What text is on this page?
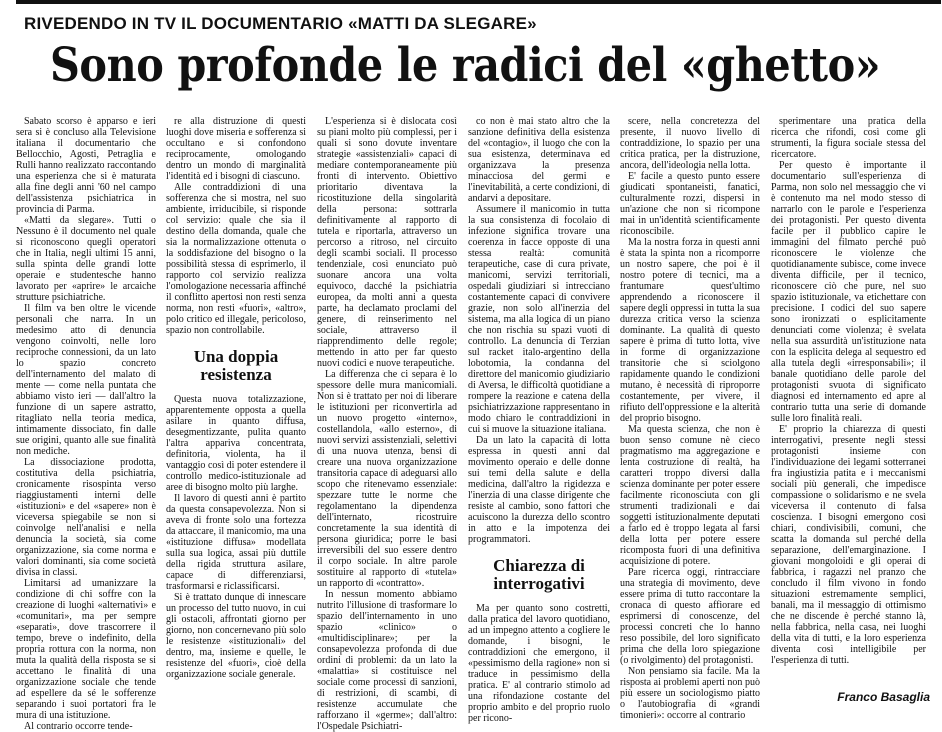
RIVEDENDO IN TV IL DOCUMENTARIO «MATTI DA SLEGARE»
Sono profonde le radici del «ghetto»

Sabato scorso è apparso e ieri sera si è concluso alla Televisione italiana il documentario che Bellocchio, Agosti, Petraglia e Rulli hanno realizzato raccontando una esperienza che si è maturata alla fine degli anni '60 nel campo dell'assistenza psichiatrica in provincia di Parma.

«Matti da slegare». Tutti o Nessuno è il documento nel quale si riconoscono quegli operatori che in Italia, negli ultimi 15 anni, sulla spinta delle grandi lotte operaie e studentesche hanno lavorato per «aprire» le arcaiche strutture psichiatriche.

Il film va ben oltre le vicende personali che narra. In un medesimo atto di denuncia vengono coinvolti, nelle loro reciproche connessioni, da un lato lo spazio concreto dell'internamento del malato di mente — come nella puntata che abbiamo visto ieri — dall'altro la funzione di un sapere astratto, ritagliato nella teoria medica, intimamente dissociato, fin dalle sue origini, quanto alle sue finalità non mediche.

La dissociazione prodotta, costitutiva della psichiatria, cronicamente risospinta verso riaggiustamenti interni delle «istituzioni» e del «sapere» non è viceversa spiegabile se non si coinvolge nell'analisi e nella denuncia la società, sia come organizzazione, sia come norma e valori dominanti, sia come società divisa in classi.

Limitarsi ad umanizzare la condizione di chi soffre con la creazione di luoghi «alternativi» e «comunitari», ma per sempre «separati», dove trascorrere il tempo, breve o indefinito, della propria rottura con la norma, non muta la qualità della risposta se si accettano le finalità di una organizzazione sociale che tende ad espellere da sé le sofferenze separando i suoi portatori fra le mura di una istituzione.

Al contrario occorre tende-

re alla distruzione di questi luoghi dove miseria e sofferenza si occultano e si confondono reciprocamente, omologando dentro un mondo di marginalità l'identità ed i bisogni di ciascuno.

Alle contraddizioni di una sofferenza che si mostra, nel suo ambiente, irriducibile, si risponde col servizio: quale che sia il destino della domanda, quale che sia la normalizzazione ottenuta o la soddisfazione del bisogno o la possibilità stessa di esprimerlo, il rapporto col servizio realizza l'omologazione necessaria affinché il conflitto apertosi non resti senza norma, non resti «fuori», «altro», polo critico ed illegale, pericoloso, spazio non controllabile.

Una doppia resistenza

Questa nuova totalizzazione, apparentemente opposta a quella asilare in quanto diffusa, desegmentizzante, pulita quanto l'altra appariva concentrata, definitoria, violenta, ha il vantaggio così di poter estendere il controllo medico-istituzionale ad aree di bisogno molto più larghe.

Il lavoro di questi anni è partito da questa consapevolezza. Non si aveva di fronte solo una fortezza da attaccare, il manicomio, ma una «istituzione diffusa» modellata sulla sua logica, assai più duttile della rigida struttura asilare, capace di differenziarsi, trasformarsi e riclassificarsi.

Si è trattato dunque di innescare un processo del tutto nuovo, in cui gli ostacoli, affrontati giorno per giorno, non concernevano più solo le resistenze «istituzionali» del dentro, ma, insieme e quelle, le resistenze del «fuori», cioè della organizzazione sociale generale.

L'esperienza si è dislocata così su piani molto più complessi, per i quali si sono dovute inventare strategie «assistenziali» capaci di mediare contemporaneamente più fronti di intervento. Obiettivo prioritario diventava la ricostituzione della singolarità della persona: sottrarla definitivamente al rapporto di tutela e riportarla, attraverso un percorso a ritroso, nel circuito degli scambi sociali. Il processo tendenziale, così enunciato può suonare ancora una volta equivoco, dacché la psichiatria europea, da molti anni a questa parte, ha declamato proclami del genere, di reinserimento nel sociale, attraverso il riapprendimento delle regole; mettendo in atto per far questo nuovi codici e nuove terapeutiche.

La differenza che ci separa è lo spessore delle mura manicomiali. Non si è trattato per noi di liberare le istituzioni per riconvertirla ad un nuovo progetto «interno», costellandola, «allo esterno», di nuovi servizi assistenziali, selettivi di una nuova utenza, bensì di creare una nuova organizzazione transitoria capace di adeguarsi allo scopo che ritenevamo essenziale: spezzare tutte le norme che regolamentano la dipendenza dell'internato, ricostruire concretamente la sua identità di persona giuridica; porre le basi irreversibili del suo essere dentro il corpo sociale. In altre parole sostituire al rapporto di «tutela» un rapporto di «contratto».

In nessun momento abbiamo nutrito l'illusione di trasformare lo spazio dell'internamento in uno spazio «clinico» o «multidisciplinare»; per la consapevolezza profonda di due ordini di problemi: da un lato la «malattia» si costituisce nel sociale come processi di sanzioni, di restrizioni, di scambi, di resistenze accumulate che rafforzano il «germe»; dall'altro: l'Ospedale Psichiatri-

co non è mai stato altro che la sanzione definitiva della esistenza del «contagio», il luogo che con la sua esistenza, determinava ed organizzava la presenza minacciosa del germi e l'inevitabilità, a certe condizioni, di andarvi a depositare.

Assumere il manicomio in tutta la sua consistenza di focolaio di infezione significa trovare una coerenza in facce opposte di una stessa realtà: comunità terapeutiche, case di cura private, manicomi, servizi territoriali, ospedali giudiziari si intrecciano costantemente capaci di convivere grazie, non solo all'inerzia del sistema, ma alla logica di un piano che non rischia su spazi vuoti di controllo. La denuncia di Terzian sul racket italo-argentino della lobotomia, la condanna del direttore del manicomio giudiziario di Aversa, le difficoltà quotidiane a rompere la reazione e catena della psichiatrizzazione rappresentano in modo chiaro le contraddizioni in cui si muove la situazione italiana.

Da un lato la capacità di lotta espressa in questi anni dal movimento operaio e delle donne sui temi della salute e della medicina, dall'altro la rigidezza e l'inerzia di una classe dirigente che resiste al cambio, sono fattori che acuiscono la durezza dello scontro in atto e la impotenza dei programmatori.

Chiarezza di interrogativi

Ma per quanto sono costretti, dalla pratica del lavoro quotidiano, ad un impegno attento a cogliere le domande, i bisogni, le contraddizioni che emergono, il «pessimismo della ragione» non si traduce in pessimismo della pratica. E' al contrario stimolo ad una rifondazione costante del proprio ambito e del proprio ruolo per ricono-

scere, nella concretezza del presente, il nuovo livello di contraddizione, lo spazio per una critica pratica, per la distruzione, ancora, dell'ideologia nella lotta.

E' facile a questo punto essere giudicati spontaneisti, fanatici, culturalmente rozzi, dispersi in un'azione che non si ricompone mai in un'identità scientificamente riconoscibile.

Ma la nostra forza in questi anni è stata la spinta non a ricomporre un nostro sapere, che poi è il nostro potere di tecnici, ma a frantumare quest'ultimo apprendendo a riconoscere il sapere degli oppressi in tutta la sua durezza critica verso la scienza dominante. La qualità di questo sapere è prima di tutto lotta, vive in forme di organizzazione transitorie che si sciolgono rapidamente quando le condizioni mutano, è necessità di riproporre costantemente, per vivere, il rifiuto dell'oppressione e la alterità del proprio bisogno.

Ma questa scienza, che non è buon senso comune nè cieco pragmatismo ma aggregazione e lenta costruzione di realtà, ha caratteri troppo diversi dalla scienza dominante per poter essere facilmente riconosciuta con gli strumenti tradizionali e dai soggetti istituzionalmente deputati a farlo ed è troppo legata al farsi della lotta per potere essere ricomposta fuori di una definitiva acquisizione di potere.

Pare ricerca oggi, rintracciare una strategia di movimento, deve essere prima di tutto raccontare la cronaca di questo affiorare ed esprimersi di conoscenze, del processi concreti che lo hanno reso possibile, del loro significato prima che della loro spiegazione (o rivolgimento) del protagonisti.

Non pensiamo sia facile. Ma la risposta ai problemi aperti non può più essere un sociologismo piatto o l'autobiografia di «grandi timonieri»: occorre al contrario

sperimentare una pratica della ricerca che rifondi, così come gli strumenti, la figura sociale stessa del ricercatore.

Per questo è importante il documentario sull'esperienza di Parma, non solo nel messaggio che vi è contenuto ma nel modo stesso di narrarlo con le parole e l'esperienza dei protagonisti. Per questo diventa facile per il pubblico capire le immagini del filmato perché può riconoscere le violenze che quotidianamente subisce, come invece diventa difficile, per il tecnico, riconoscere ciò che pure, nel suo spazio istituzionale, va etichettare con precisione. I codici del suo sapere sono ironizzati o esplicitamente denunciati come violenza; è svelata nella sua assurdità un'istituzione nata con la esplicita delega al sequestro ed alla tutela degli «irresponsabili»; il banale quotidiano delle parole del protagonisti svuota di significato diagnosi ed internamento ed apre al contrario tutta una serie di domande sulle loro finalità reali.

E' proprio la chiarezza di questi interrogativi, presente negli stessi protagonisti insieme con l'individuazione dei legami sotterranei fra ingiustizia patita e i meccanismi sociali più generali, che impedisce compassione o solidarismo e ne svela viceversa il contenuto di falsa coscienza. I bisogni emergono così chiari, condivisibili, comuni, che scatta la domanda sul perché della separazione, dell'emarginazione. I giovani mongoloidi e gli operai di fabbrica, i ragazzi nel pranzo che concludo il film vivono in fondo situazioni estremamente semplici, banali, ma il messaggio di ottimismo che ne discende è perché stanno là, nella fabbrica, nella casa, nei luoghi della vita di tutti, e la loro esperienza diventa così intelligibile per l'esperienza di tutti.

Franco Basaglia
